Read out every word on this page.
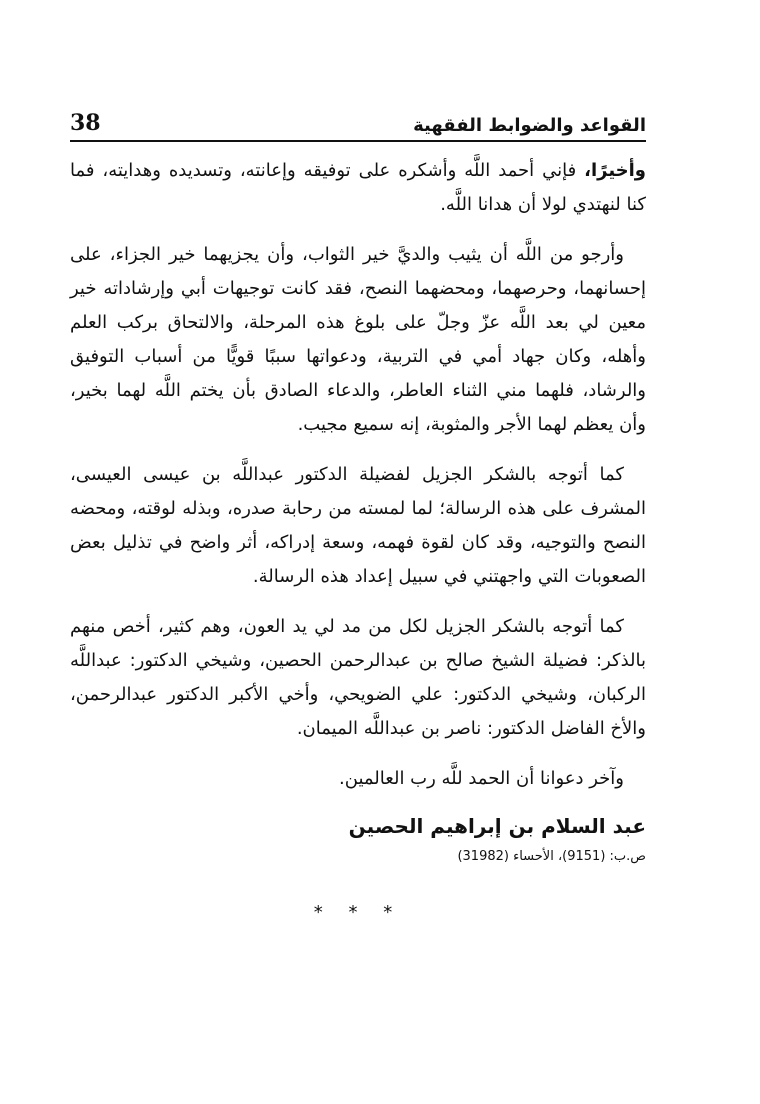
38	القواعد والضوابط الفقهية

وأخيرًا، فإني أحمد اللَّه وأشكره على توفيقه وإعانته، وتسديده وهدايته، فما كنا لنهتدي لولا أن هدانا اللَّه.

وأرجو من اللَّه أن يثيب والديَّ خير الثواب، وأن يجزيهما خير الجزاء، على إحسانهما، وحرصهما، ومحضهما النصح، فقد كانت توجيهات أبي وإرشاداته خير معين لي بعد اللَّه عزّ وجلّ على بلوغ هذه المرحلة، والالتحاق بركب العلم وأهله، وكان جهاد أمي في التربية، ودعواتها سببًا قويًّا من أسباب التوفيق والرشاد، فلهما مني الثناء العاطر، والدعاء الصادق بأن يختم اللَّه لهما بخير، وأن يعظم لهما الأجر والمثوبة، إنه سميع مجيب.

كما أتوجه بالشكر الجزيل لفضيلة الدكتور عبداللَّه بن عيسى العيسى، المشرف على هذه الرسالة؛ لما لمسته من رحابة صدره، وبذله لوقته، ومحضه النصح والتوجيه، وقد كان لقوة فهمه، وسعة إدراكه، أثر واضح في تذليل بعض الصعوبات التي واجهتني في سبيل إعداد هذه الرسالة.

كما أتوجه بالشكر الجزيل لكل من مد لي يد العون، وهم كثير، أخص منهم بالذكر: فضيلة الشيخ صالح بن عبدالرحمن الحصين، وشيخي الدكتور: عبداللَّه الركبان، وشيخي الدكتور: علي الضويحي، وأخي الأكبر الدكتور عبدالرحمن، والأخ الفاضل الدكتور: ناصر بن عبداللَّه الميمان.

وآخر دعوانا أن الحمد للَّه رب العالمين.

عبد السلام بن إبراهيم الحصين
ص.ب: (9151)، الأحساء (31982)
* * *
